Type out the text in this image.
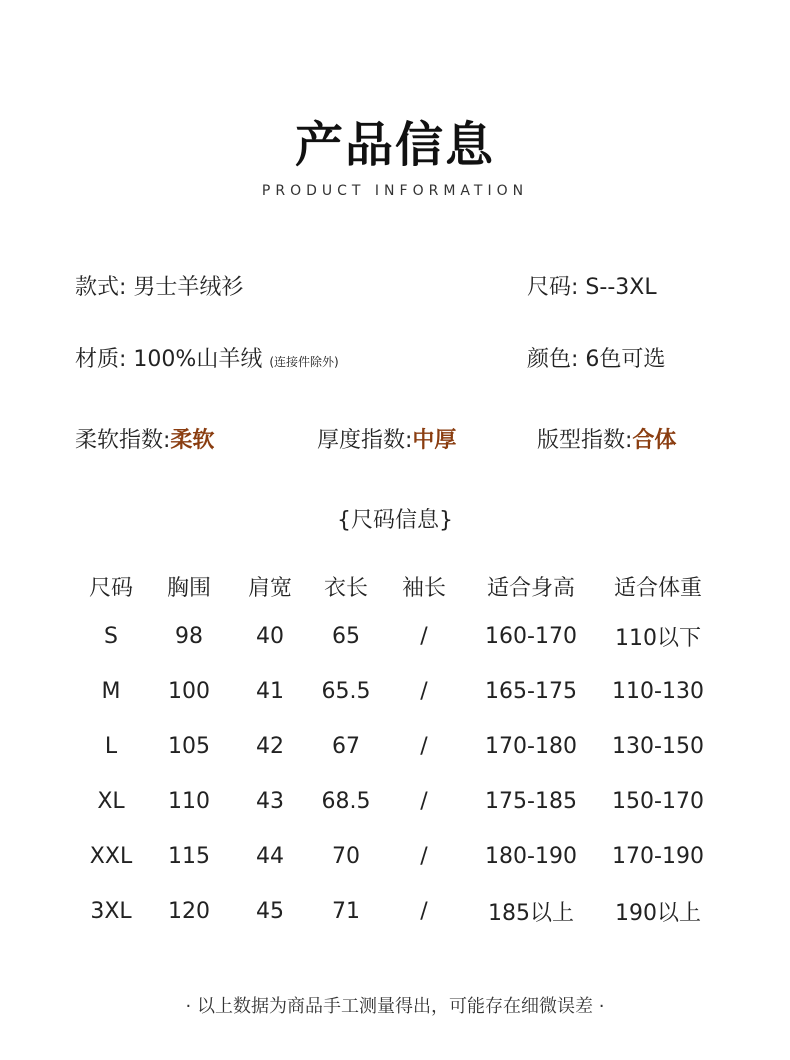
产品信息
PRODUCT INFORMATION
款式: 男士羊绒衫	尺码: S--3XL
材质: 100%山羊绒 (连接件除外)	颜色: 6色可选
柔软指数:柔软	厚度指数:中厚	版型指数:合体
{尺码信息}
尺码	胸围	肩宽	衣长	袖长	适合身高	适合体重
S	98	40	65	/	160-170	110以下
M	100	41	65.5	/	165-175	110-130
L	105	42	67	/	170-180	130-150
XL	110	43	68.5	/	175-185	150-170
XXL	115	44	70	/	180-190	170-190
3XL	120	45	71	/	185以上	190以上
· 以上数据为商品手工测量得出，可能存在细微误差 ·
